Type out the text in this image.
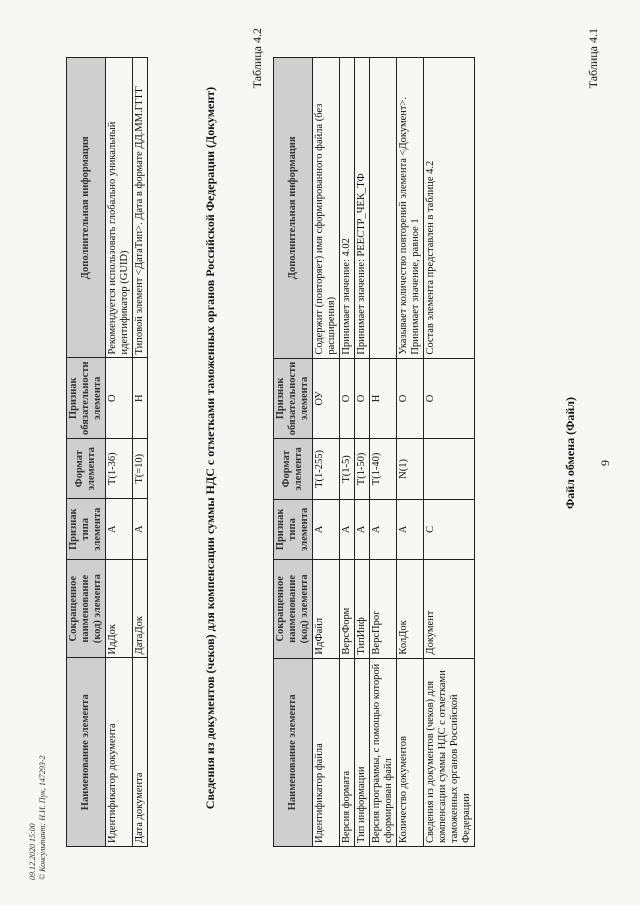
9
Таблица 4.1
Файл обмена (Файл)
Наименование элемента	Сокращенное наименование (код) элемента	Признак типа элемента	Формат элемента	Признак обязательности элемента	Дополнительная информация
Идентификатор файла	ИдФайл	А	T(1-255)	ОУ	Содержит (повторяет) имя сформированного файла (без расширения)
Версия формата	ВерсФорм	А	T(1-5)	О	Принимает значение: 4.02
Тип информации	ТипИнф	А	T(1-50)	О	Принимает значение: РЕЕСТР_ЧЕК_ТФ
Версия программы, с помощью которой сформирован файл	ВерсПрог	А	T(1-40)	Н	
Количество документов	КолДок	А	N(1)	О	Указывает количество повторений элемента <Документ>. Принимает значение, равное 1
Сведения из документов (чеков) для компенсации суммы НДС с отметками таможенных органов Российской Федерации	Документ	С		О	Состав элемента представлен в таблице 4.2
Таблица 4.2
Сведения из документов (чеков) для компенсации суммы НДС с отметками таможенных органов Российской Федерации (Документ)
Наименование элемента	Сокращенное наименование (код) элемента	Признак типа элемента	Формат элемента	Признак обязательности элемента	Дополнительная информация
Идентификатор документа	ИдДок	А	T(1-36)	О	Рекомендуется использовать глобально уникальный идентификатор (GUID)
Дата документа	ДатаДок	А	T(=10)	Н	Типовой элемент <ДатаТип>. Дата в формате ДД.ММ.ГГГГ
09.12.2020 15:00 © Консультант: Н.И. Пук, 147293-2
